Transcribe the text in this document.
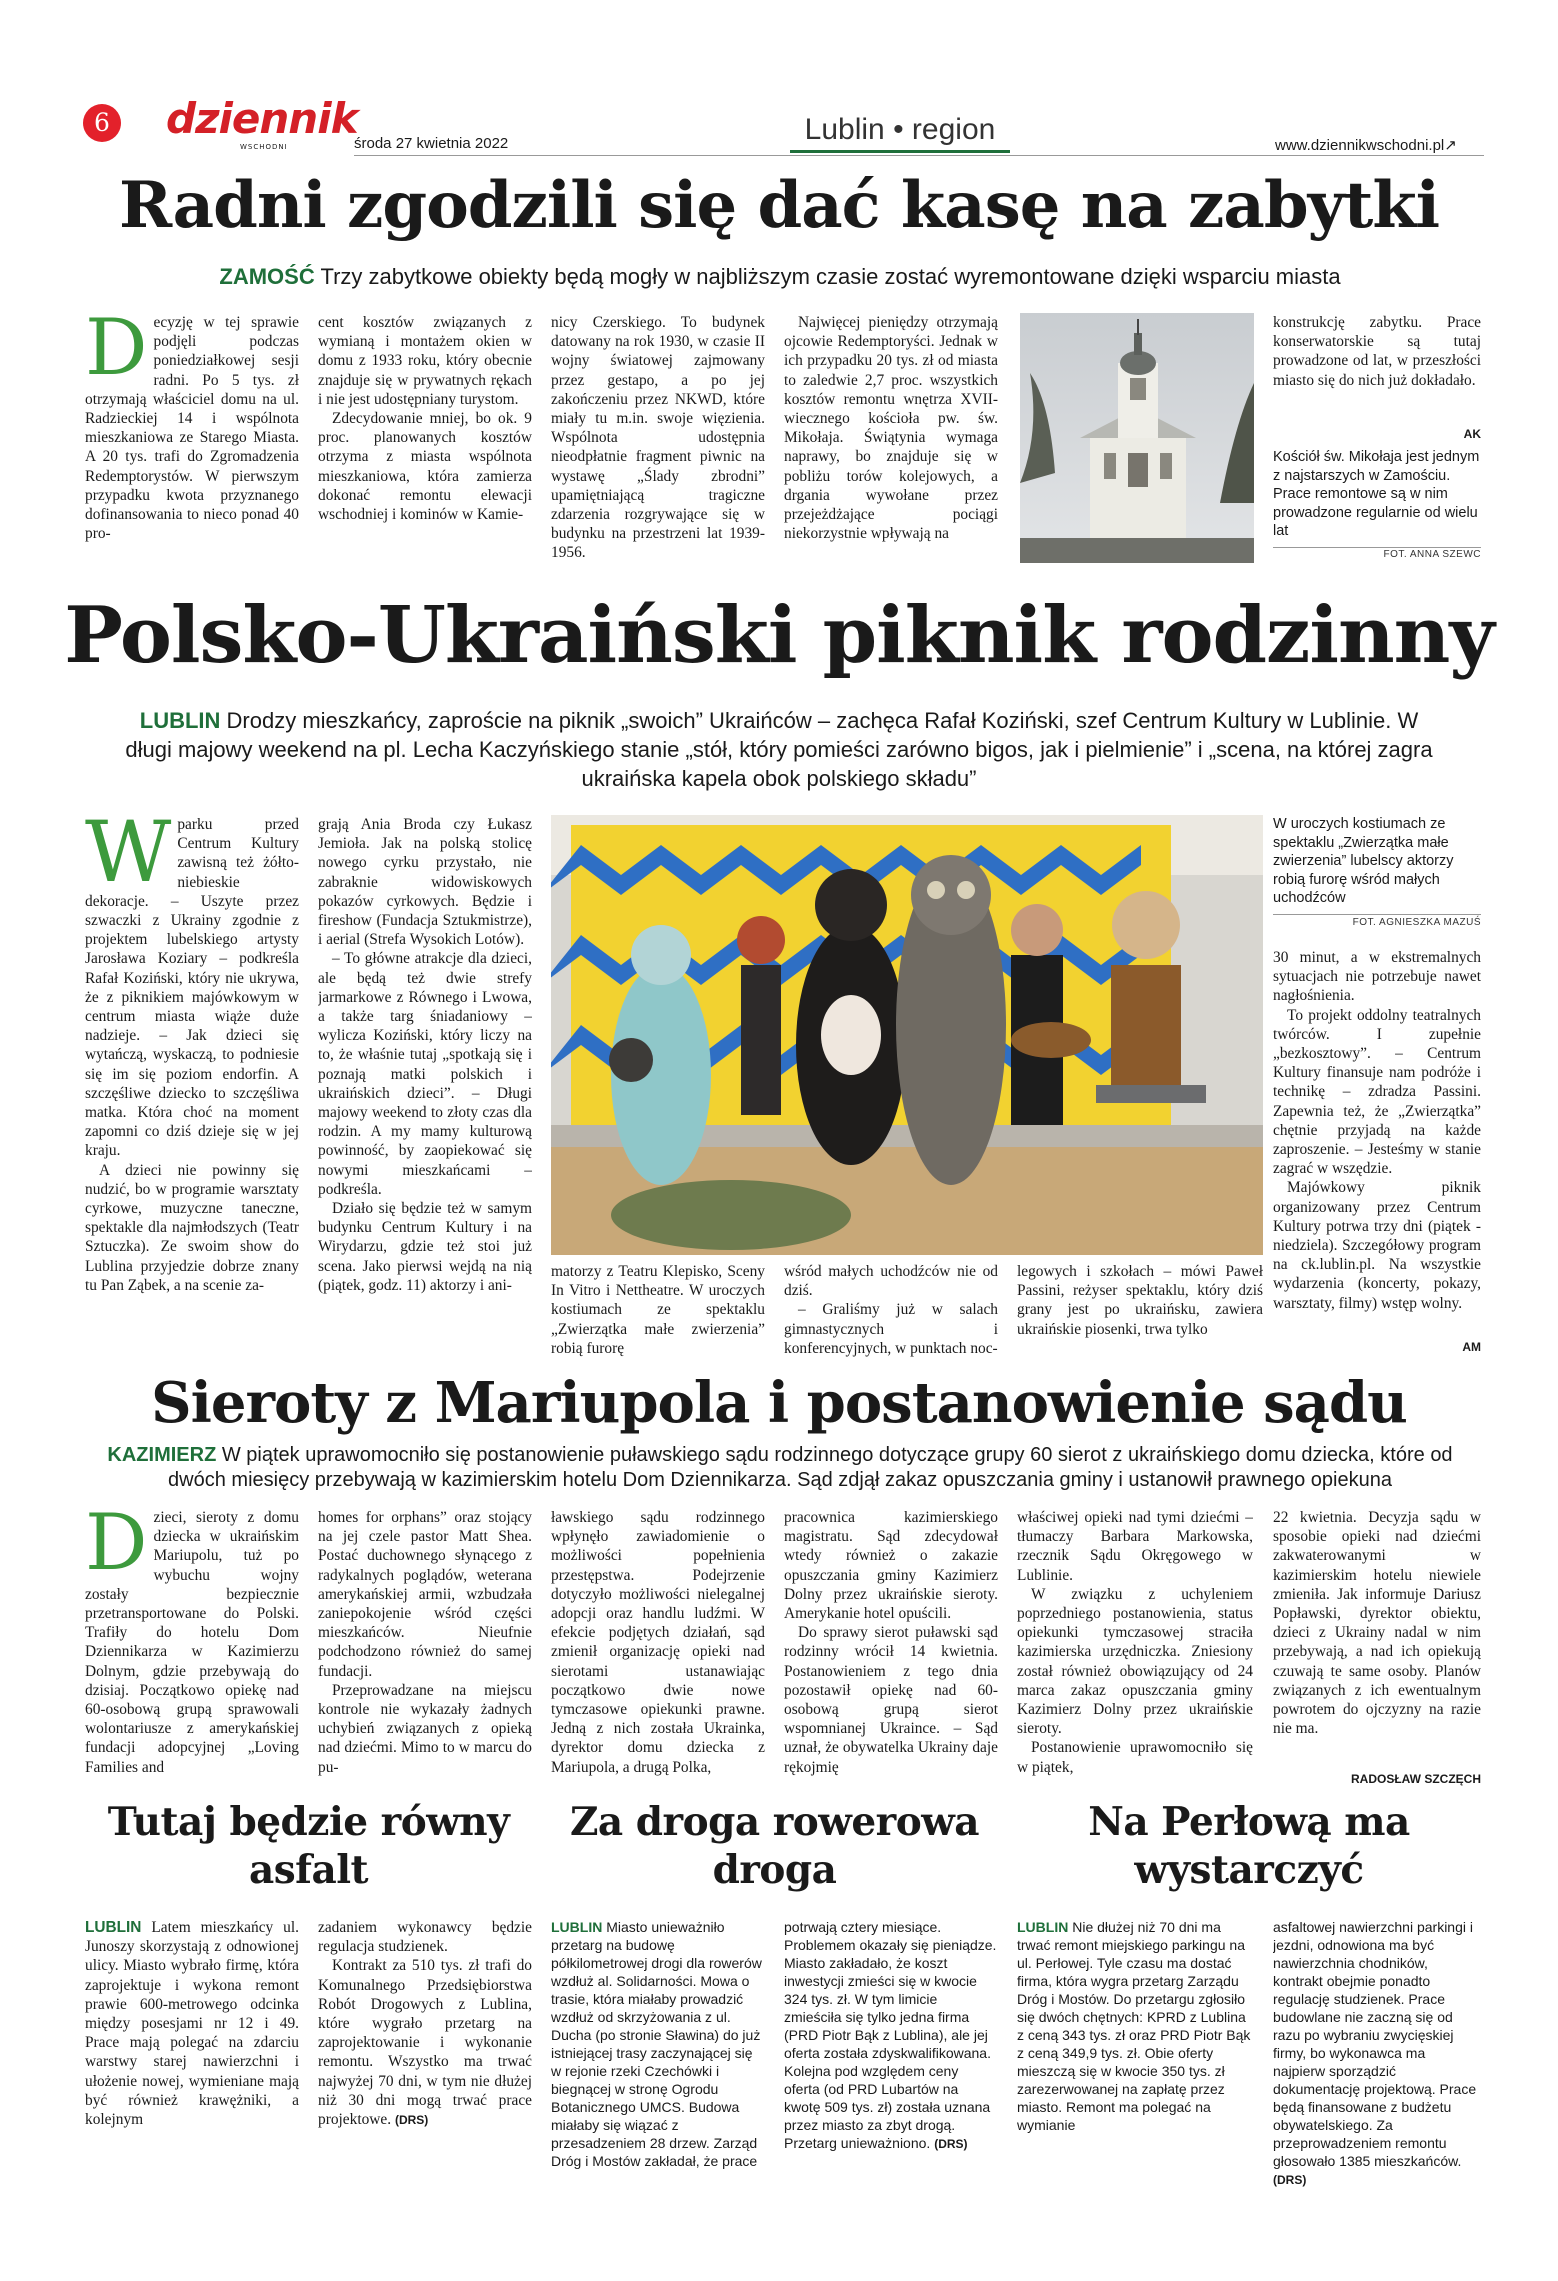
6 dziennik
WSCHODNI	środa 27 kwietnia 2022	Lublin • region	www.dziennikwschodni.pl↗
Radni zgodzili się dać kasę na zabytki
ZAMOŚĆ Trzy zabytkowe obiekty będą mogły w najbliższym czasie zostać wyremontowane dzięki wsparciu miasta
D ecyzję w tej sprawie podjęli podczas poniedziałkowej sesji radni. Po 5 tys. zł otrzymają właściciel domu na ul. Radzieckiej 14 i wspólnota mieszkaniowa ze Starego Miasta. A 20 tys. trafi do Zgromadzenia Redemptorystów. W pierwszym przypadku kwota przyznanego dofinansowania to nieco ponad 40 pro-

cent kosztów związanych z wymianą i montażem okien w domu z 1933 roku, który obecnie znajduje się w prywatnych rękach i nie jest udostępniany turystom.

Zdecydowanie mniej, bo ok. 9 proc. planowanych kosztów otrzyma z miasta wspólnota mieszkaniowa, która zamierza dokonać remontu elewacji wschodniej i kominów w Kamie-

nicy Czerskiego. To budynek datowany na rok 1930, w czasie II wojny światowej zajmowany przez gestapo, a po jej zakończeniu przez NKWD, które miały tu m.in. swoje więzienia. Wspólnota udostępnia nieodpłatnie fragment piwnic na wystawę „Ślady zbrodni” upamiętniającą tragiczne zdarzenia rozgrywające się w budynku na przestrzeni lat 1939-1956.

Najwięcej pieniędzy otrzymają ojcowie Redemptoryści. Jednak w ich przypadku 20 tys. zł od miasta to zaledwie 2,7 proc. wszystkich kosztów remontu wnętrza XVII-wiecznego kościoła pw. św. Mikołaja. Świątynia wymaga naprawy, bo znajduje się w pobliżu torów kolejowych, a drgania wywołane przez przejeżdżające pociągi niekorzystnie wpływają na

konstrukcję zabytku. Prace konserwatorskie są tutaj prowadzone od lat, w przeszłości miasto się do nich już dokładało.

AK
Kościół św. Mikołaja jest jednym z najstarszych w Zamościu. Prace remontowe są w nim prowadzone regularnie od wielu lat
FOT. ANNA SZEWC
Polsko-Ukraiński piknik rodzinny
LUBLIN Drodzy mieszkańcy, zaproście na piknik „swoich” Ukraińców – zachęca Rafał Koziński, szef Centrum Kultury w Lublinie. W długi majowy weekend na pl. Lecha Kaczyńskiego stanie „stół, który pomieści zarówno bigos, jak i pielmienie” i „scena, na której zagra ukraińska kapela obok polskiego składu”
W parku przed Centrum Kultury zawisną też żółto-niebieskie dekoracje. – Uszyte przez szwaczki z Ukrainy zgodnie z projektem lubelskiego artysty Jarosława Koziary – podkreśla Rafał Koziński, który nie ukrywa, że z piknikiem majówkowym w centrum miasta wiąże duże nadzieje. – Jak dzieci się wytańczą, wyskaczą, to podniesie się im się poziom endorfin. A szczęśliwe dziecko to szczęśliwa matka. Która choć na moment zapomni co dziś dzieje się w jej kraju.

A dzieci nie powinny się nudzić, bo w programie warsztaty cyrkowe, muzyczne taneczne, spektakle dla najmłodszych (Teatr Sztuczka). Ze swoim show do Lublina przyjedzie dobrze znany tu Pan Ząbek, a na scenie za-

grają Ania Broda czy Łukasz Jemioła. Jak na polską stolicę nowego cyrku przystało, nie zabraknie widowiskowych pokazów cyrkowych. Będzie i fireshow (Fundacja Sztukmistrze), i aerial (Strefa Wysokich Lotów).

– To główne atrakcje dla dzieci, ale będą też dwie strefy jarmarkowe z Równego i Lwowa, a także targ śniadaniowy – wylicza Koziński, który liczy na to, że właśnie tutaj „spotkają się i poznają matki polskich i ukraińskich dzieci”. – Długi majowy weekend to złoty czas dla rodzin. A my mamy kulturową powinność, by zaopiekować się nowymi mieszkańcami – podkreśla.

Działo się będzie też w samym budynku Centrum Kultury i na Wirydarzu, gdzie też stoi już scena. Jako pierwsi wejdą na nią (piątek, godz. 11) aktorzy i ani-

matorzy z Teatru Klepisko, Sceny In Vitro i Nettheatre. W uroczych kostiumach ze spektaklu „Zwierzątka małe zwierzenia” robią furorę

wśród małych uchodźców nie od dziś.

– Graliśmy już w salach gimnastycznych i konferencyjnych, w punktach noc-

legowych i szkołach – mówi Paweł Passini, reżyser spektaklu, który dziś grany jest po ukraińsku, zawiera ukraińskie piosenki, trwa tylko

W uroczych kostiumach ze spektaklu „Zwierzątka małe zwierzenia” lubelscy aktorzy robią furorę wśród małych uchodźców
FOT. AGNIESZKA MAZUŚ

30 minut, a w ekstremalnych sytuacjach nie potrzebuje nawet nagłośnienia.

To projekt oddolny teatralnych twórców. I zupełnie „bezkosztowy”. – Centrum Kultury finansuje nam podróże i technikę – zdradza Passini. Zapewnia też, że „Zwierzątka” chętnie przyjadą na każde zaproszenie. – Jesteśmy w stanie zagrać w wszędzie.

Majówkowy piknik organizowany przez Centrum Kultury potrwa trzy dni (piątek - niedziela). Szczegółowy program na ck.lublin.pl. Na wszystkie wydarzenia (koncerty, pokazy, warsztaty, filmy) wstęp wolny.

AM
Sieroty z Mariupola i postanowienie sądu
KAZIMIERZ W piątek uprawomocniło się postanowienie puławskiego sądu rodzinnego dotyczące grupy 60 sierot z ukraińskiego domu dziecka, które od dwóch miesięcy przebywają w kazimierskim hotelu Dom Dziennikarza. Sąd zdjął zakaz opuszczania gminy i ustanowił prawnego opiekuna
D zieci, sieroty z domu dziecka w ukraińskim Mariupolu, tuż po wybuchu wojny zostały bezpiecznie przetransportowane do Polski. Trafiły do hotelu Dom Dziennikarza w Kazimierzu Dolnym, gdzie przebywają do dzisiaj. Początkowo opiekę nad 60-osobową grupą sprawowali wolontariusze z amerykańskiej fundacji adopcyjnej „Loving Families and

homes for orphans” oraz stojący na jej czele pastor Matt Shea. Postać duchownego słynącego z radykalnych poglądów, weterana amerykańskiej armii, wzbudzała zaniepokojenie wśród części mieszkańców. Nieufnie podchodzono również do samej fundacji.

Przeprowadzane na miejscu kontrole nie wykazały żadnych uchybień związanych z opieką nad dziećmi. Mimo to w marcu do pu-

ławskiego sądu rodzinnego wpłynęło zawiadomienie o możliwości popełnienia przestępstwa. Podejrzenie dotyczyło możliwości nielegalnej adopcji oraz handlu ludźmi. W efekcie podjętych działań, sąd zmienił organizację opieki nad sierotami ustanawiając początkowo dwie nowe tymczasowe opiekunki prawne. Jedną z nich została Ukrainka, dyrektor domu dziecka z Mariupola, a drugą Polka,

pracownica kazimierskiego magistratu. Sąd zdecydował wtedy również o zakazie opuszczania gminy Kazimierz Dolny przez ukraińskie sieroty. Amerykanie hotel opuścili.

Do sprawy sierot puławski sąd rodzinny wrócił 14 kwietnia. Postanowieniem z tego dnia pozostawił opiekę nad 60-osobową grupą sierot wspomnianej Ukraince. – Sąd uznał, że obywatelka Ukrainy daje rękojmię

właściwej opieki nad tymi dziećmi – tłumaczy Barbara Markowska, rzecznik Sądu Okręgowego w Lublinie.

W związku z uchyleniem poprzedniego postanowienia, status opiekunki tymczasowej straciła kazimierska urzędniczka. Zniesiony został również obowiązujący od 24 marca zakaz opuszczania gminy Kazimierz Dolny przez ukraińskie sieroty.

Postanowienie uprawomocniło się w piątek,

22 kwietnia. Decyzja sądu w sposobie opieki nad dziećmi zakwaterowanymi w kazimierskim hotelu niewiele zmieniła. Jak informuje Dariusz Popławski, dyrektor obiektu, dzieci z Ukrainy nadal w nim przebywają, a nad ich opiekują czuwają te same osoby. Planów związanych z ich ewentualnym powrotem do ojczyzny na razie nie ma.

RADOSŁAW SZCZĘCH
Tutaj będzie równy asfalt
Za droga rowerowa droga
Na Perłową ma wystarczyć

LUBLIN Latem mieszkańcy ul. Junoszy skorzystają z odnowionej ulicy. Miasto wybrało firmę, która zaprojektuje i wykona remont prawie 600-metrowego odcinka między posesjami nr 12 i 49. Prace mają polegać na zdarciu warstwy starej nawierzchni i ułożenie nowej, wymieniane mają być również krawężniki, a kolejnym

zadaniem wykonawcy będzie regulacja studzienek.

Kontrakt za 510 tys. zł trafi do Komunalnego Przedsiębiorstwa Robót Drogowych z Lublina, które wygrało przetarg na zaprojektowanie i wykonanie remontu. Wszystko ma trwać najwyżej 70 dni, w tym nie dłużej niż 30 dni mogą trwać prace projektowe. (DRS)

LUBLIN Miasto unieważniło przetarg na budowę półkilometrowej drogi dla rowerów wzdłuż al. Solidarności. Mowa o trasie, która miałaby prowadzić wzdłuż od skrzyżowania z ul. Ducha (po stronie Sławina) do już istniejącej trasy zaczynającej się w rejonie rzeki Czechówki i biegnącej w stronę Ogrodu Botanicznego UMCS. Budowa miałaby się wiązać z przesadzeniem 28 drzew. Zarząd Dróg i Mostów zakładał, że prace
potrwają cztery miesiące. Problemem okazały się pieniądze. Miasto zakładało, że koszt inwestycji zmieści się w kwocie 324 tys. zł. W tym limicie zmieściła się tylko jedna firma (PRD Piotr Bąk z Lublina), ale jej oferta została zdyskwalifikowana. Kolejna pod względem ceny oferta (od PRD Lubartów na kwotę 509 tys. zł) została uznana przez miasto za zbyt drogą. Przetarg unieważniono. (DRS)
LUBLIN Nie dłużej niż 70 dni ma trwać remont miejskiego parkingu na ul. Perłowej. Tyle czasu ma dostać firma, która wygra przetarg Zarządu Dróg i Mostów. Do przetargu zgłosiło się dwóch chętnych: KPRD z Lublina z ceną 343 tys. zł oraz PRD Piotr Bąk z ceną 349,9 tys. zł. Obie oferty mieszczą się w kwocie 350 tys. zł zarezerwowanej na zapłatę przez miasto. Remont ma polegać na wymianie
asfaltowej nawierzchni parkingi i jezdni, odnowiona ma być nawierzchnia chodników, kontrakt obejmie ponadto regulację studzienek. Prace budowlane nie zaczną się od razu po wybraniu zwycięskiej firmy, bo wykonawca ma najpierw sporządzić dokumentację projektową. Prace będą finansowane z budżetu obywatelskiego. Za przeprowadzeniem remontu głosowało 1385 mieszkańców. (DRS)
